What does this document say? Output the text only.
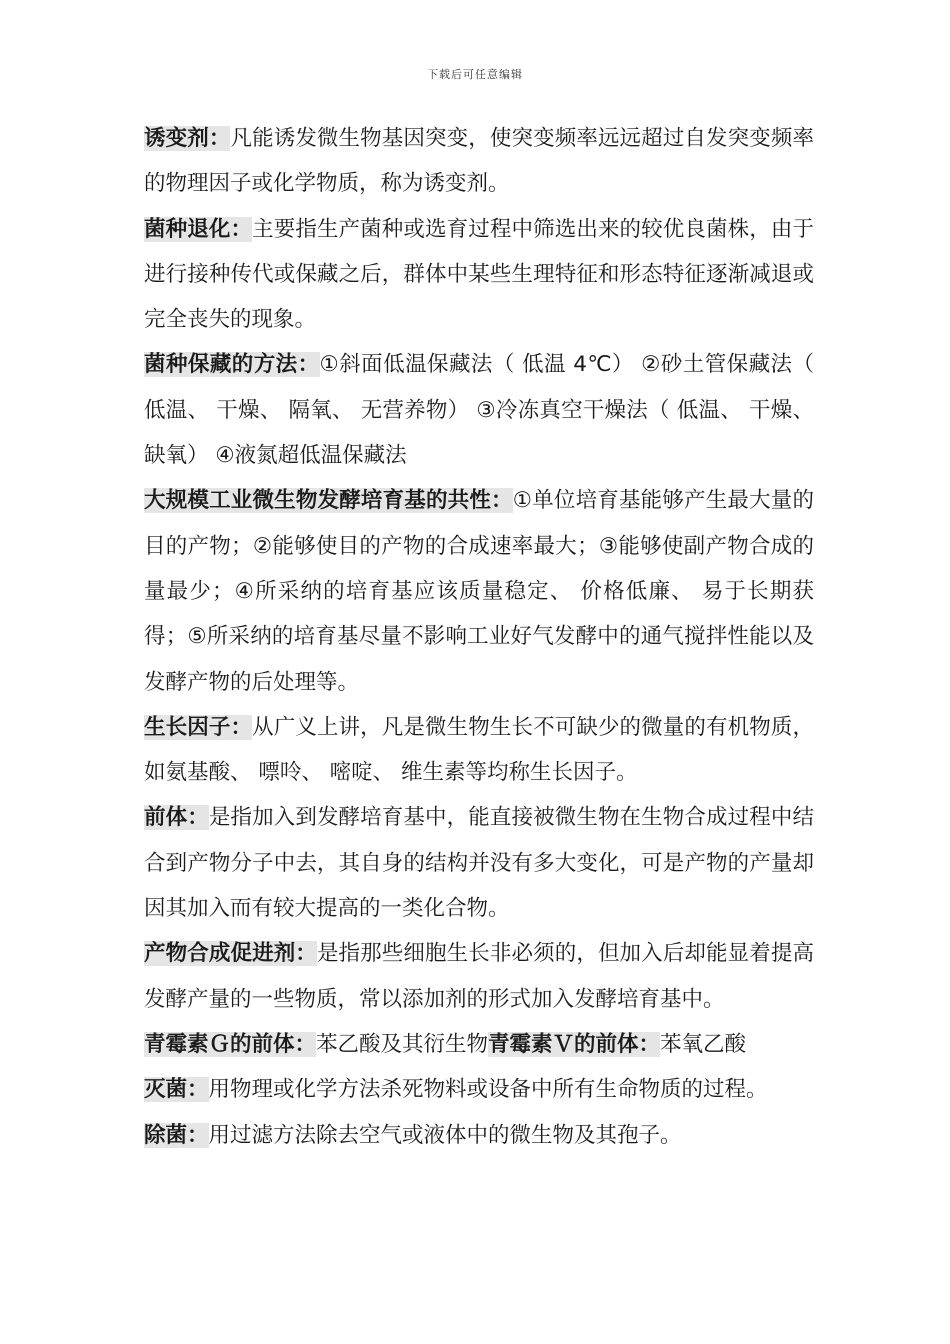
下载后可任意编辑

诱变剂：凡能诱发微生物基因突变，使突变频率远远超过自发突变频率的物理因子或化学物质，称为诱变剂。

菌种退化：主要指生产菌种或选育过程中筛选出来的较优良菌株，由于进行接种传代或保藏之后，群体中某些生理特征和形态特征逐渐减退或完全丧失的现象。

菌种保藏的方法：①斜面低温保藏法（ 低温 4℃） ②砂土管保藏法（ 低温、 干燥、 隔氧、 无营养物） ③冷冻真空干燥法（ 低温、 干燥、 缺氧） ④液氮超低温保藏法

大规模工业微生物发酵培育基的共性：①单位培育基能够产生最大量的目的产物；②能够使目的产物的合成速率最大；③能够使副产物合成的量最少；④所采纳的培育基应该质量稳定、 价格低廉、 易于长期获得；⑤所采纳的培育基尽量不影响工业好气发酵中的通气搅拌性能以及发酵产物的后处理等。

生长因子：从广义上讲，凡是微生物生长不可缺少的微量的有机物质，如氨基酸、 嘌呤、 嘧啶、 维生素等均称生长因子。

前体：是指加入到发酵培育基中，能直接被微生物在生物合成过程中结合到产物分子中去，其自身的结构并没有多大变化，可是产物的产量却因其加入而有较大提高的一类化合物。

产物合成促进剂：是指那些细胞生长非必须的，但加入后却能显着提高发酵产量的一些物质，常以添加剂的形式加入发酵培育基中。

青霉素Ｇ的前体：苯乙酸及其衍生物青霉素Ｖ的前体：苯氧乙酸

灭菌：用物理或化学方法杀死物料或设备中所有生命物质的过程。

除菌：用过滤方法除去空气或液体中的微生物及其孢子。
